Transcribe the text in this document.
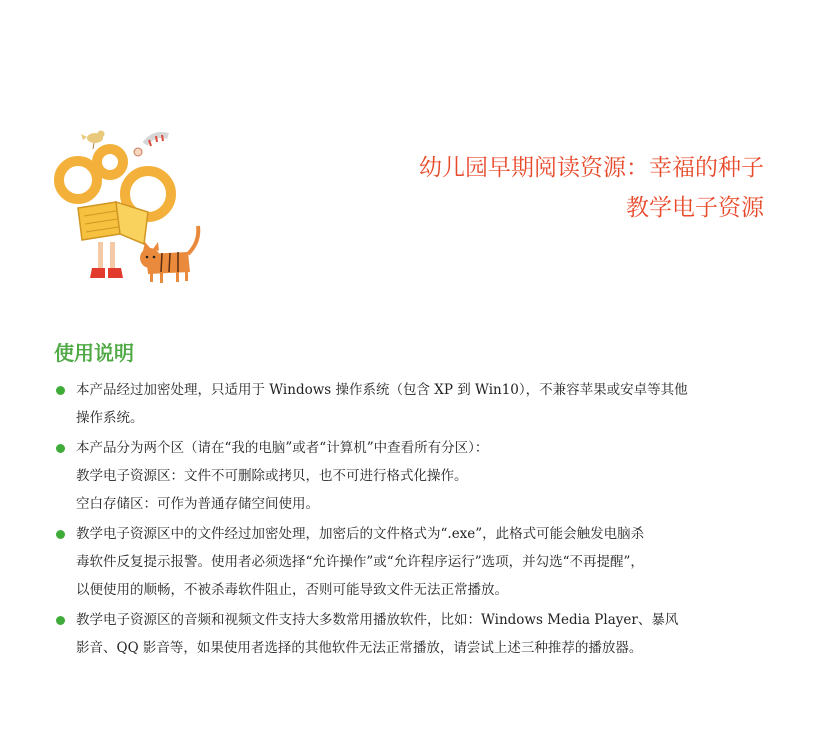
幼儿园早期阅读资源：幸福的种子
教学电子资源
使用说明
本产品经过加密处理，只适用于 Windows 操作系统（包含 XP 到 Win10），不兼容苹果或安卓等其他
操作系统。
本产品分为两个区（请在“我的电脑”或者“计算机”中查看所有分区）：
教学电子资源区：文件不可删除或拷贝，也不可进行格式化操作。
空白存储区：可作为普通存储空间使用。
教学电子资源区中的文件经过加密处理，加密后的文件格式为“.exe”，此格式可能会触发电脑杀
毒软件反复提示报警。使用者必须选择“允许操作”或“允许程序运行”选项，并勾选“不再提醒”，
以便使用的顺畅，不被杀毒软件阻止，否则可能导致文件无法正常播放。
教学电子资源区的音频和视频文件支持大多数常用播放软件，比如：Windows Media Player、暴风
影音、QQ 影音等，如果使用者选择的其他软件无法正常播放，请尝试上述三种推荐的播放器。
